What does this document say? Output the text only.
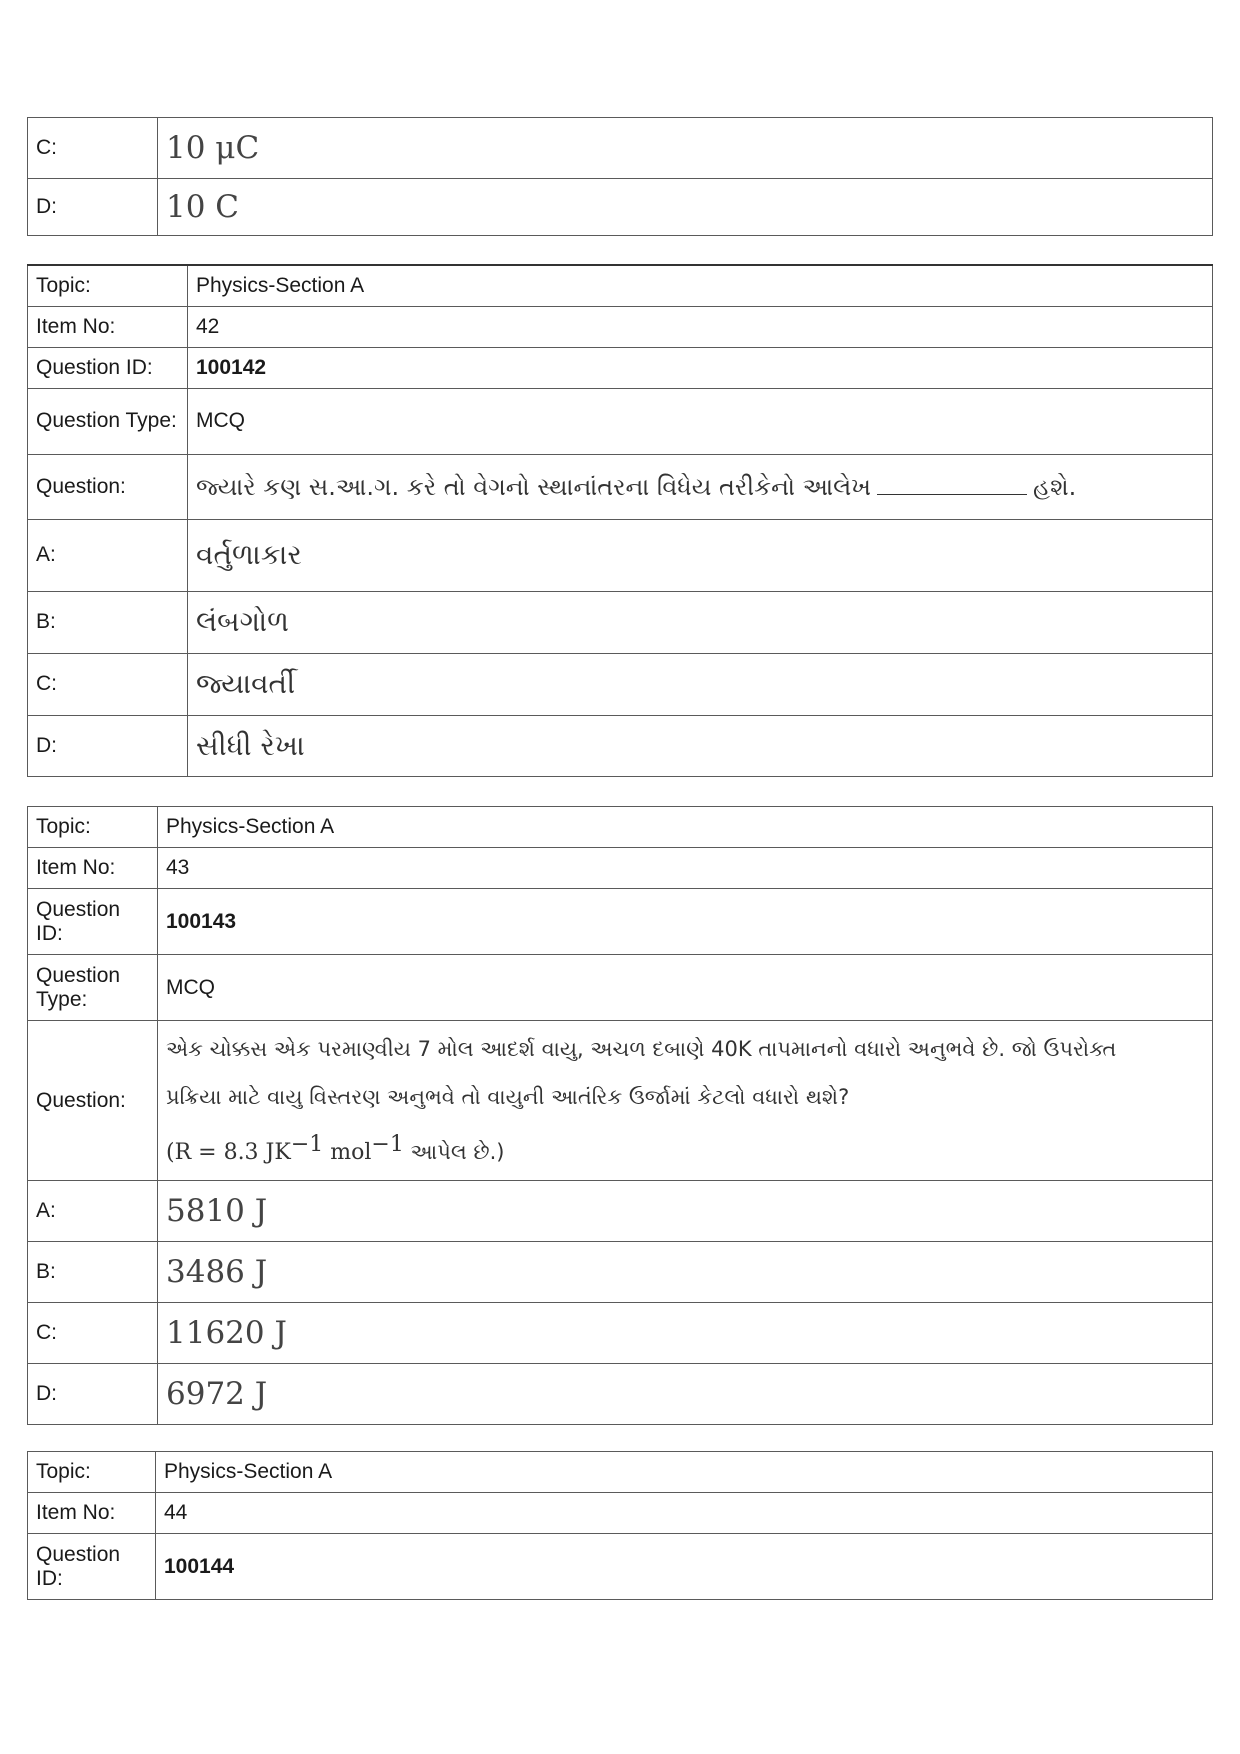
C:	10 μC
D:	10 C
Topic:	Physics-Section A
Item No:	42
Question ID:	100142
Question Type:	MCQ
Question:	જ્યારે કણ સ.આ.ગ. કરે તો વેગનો સ્થાનાંતરના વિધેય તરીકેનો આલેખ હશે.
A:	વર્તુળાકાર
B:	લંબગોળ
C:	જ્યાવર્તી
D:	સીધી રેખા
Topic:	Physics-Section A
Item No:	43
Question ID:	100143
Question Type:	MCQ
Question:	એક ચોક્કસ એક પરમાણ્વીય 7 મોલ આદર્શ વાયુ, અચળ દબાણે 40K તાપમાનનો વધારો અનુભવે છે. જો ઉપરોક્ત
પ્રક્રિયા માટે વાયુ વિસ્તરણ અનુભવે તો વાયુની આતંરિક ઉર્જામાં કેટલો વધારો થશે?
(R = 8.3 $JK^{-1}$ mol$^{-1}$ આપેલ છે.)

A:	5810 J
B:	3486 J
C:	11620 J
D:	6972 J
Topic:	Physics-Section A
Item No:	44
Question ID:	100144
